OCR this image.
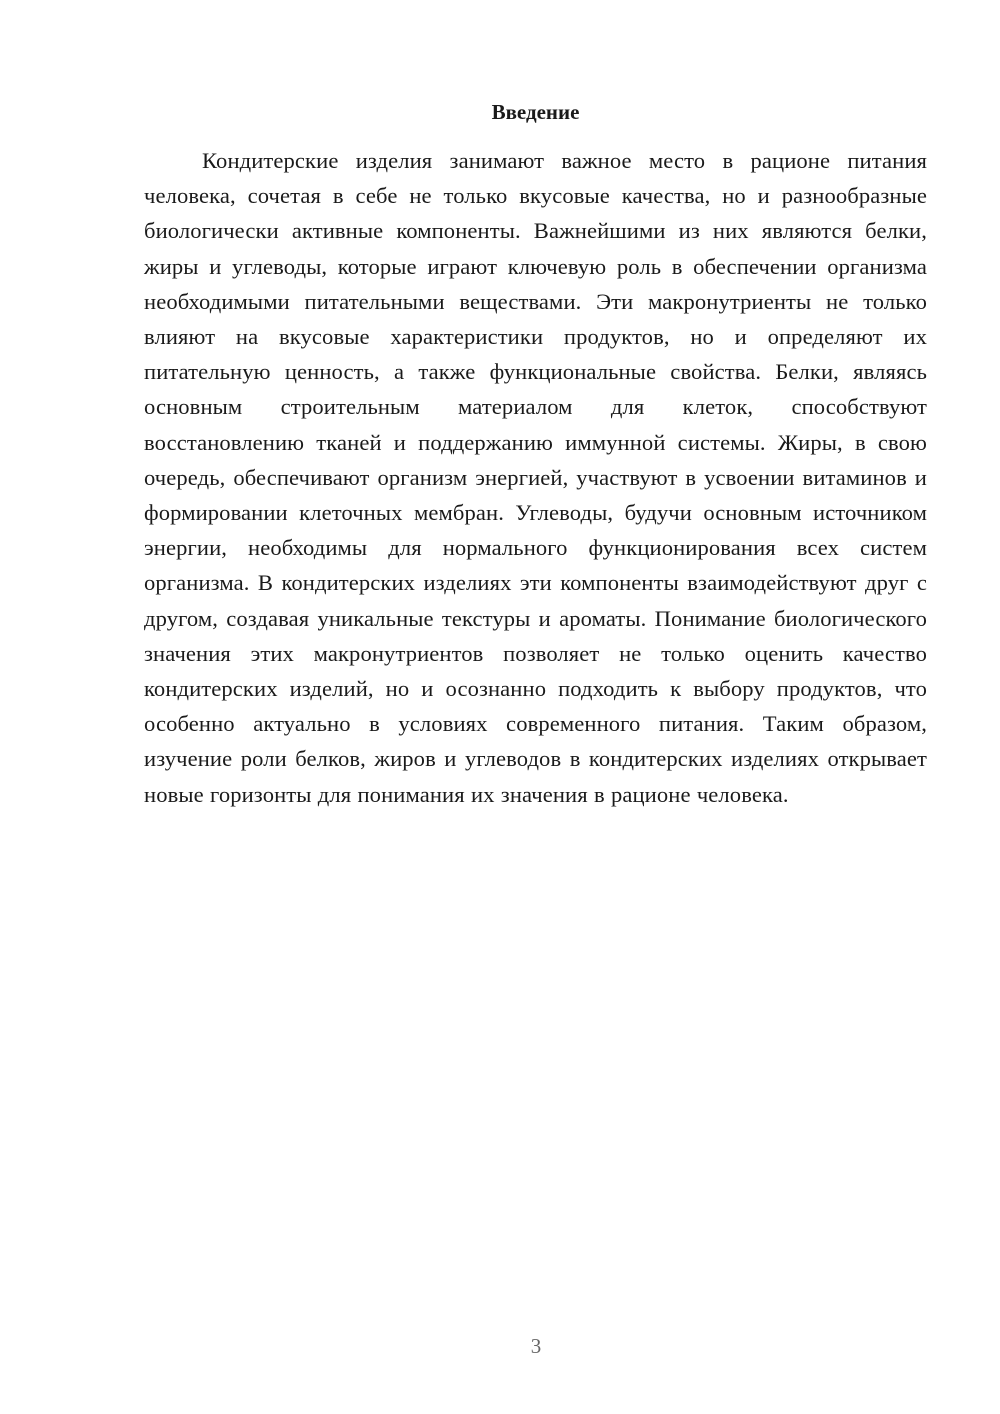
Введение

Кондитерские изделия занимают важное место в рационе питания человека, сочетая в себе не только вкусовые качества, но и разнообразные биологически активные компоненты. Важнейшими из них являются белки, жиры и углеводы, которые играют ключевую роль в обеспечении организма необходимыми питательными веществами. Эти макронутриенты не только влияют на вкусовые характеристики продуктов, но и определяют их питательную ценность, а также функциональные свойства. Белки, являясь основным строительным материалом для клеток, способствуют восстановлению тканей и поддержанию иммунной системы. Жиры, в свою очередь, обеспечивают организм энергией, участвуют в усвоении витаминов и формировании клеточных мембран. Углеводы, будучи основным источником энергии, необходимы для нормального функционирования всех систем организма. В кондитерских изделиях эти компоненты взаимодействуют друг с другом, создавая уникальные текстуры и ароматы. Понимание биологического значения этих макронутриентов позволяет не только оценить качество кондитерских изделий, но и осознанно подходить к выбору продуктов, что особенно актуально в условиях современного питания. Таким образом, изучение роли белков, жиров и углеводов в кондитерских изделиях открывает новые горизонты для понимания их значения в рационе человека.

3
